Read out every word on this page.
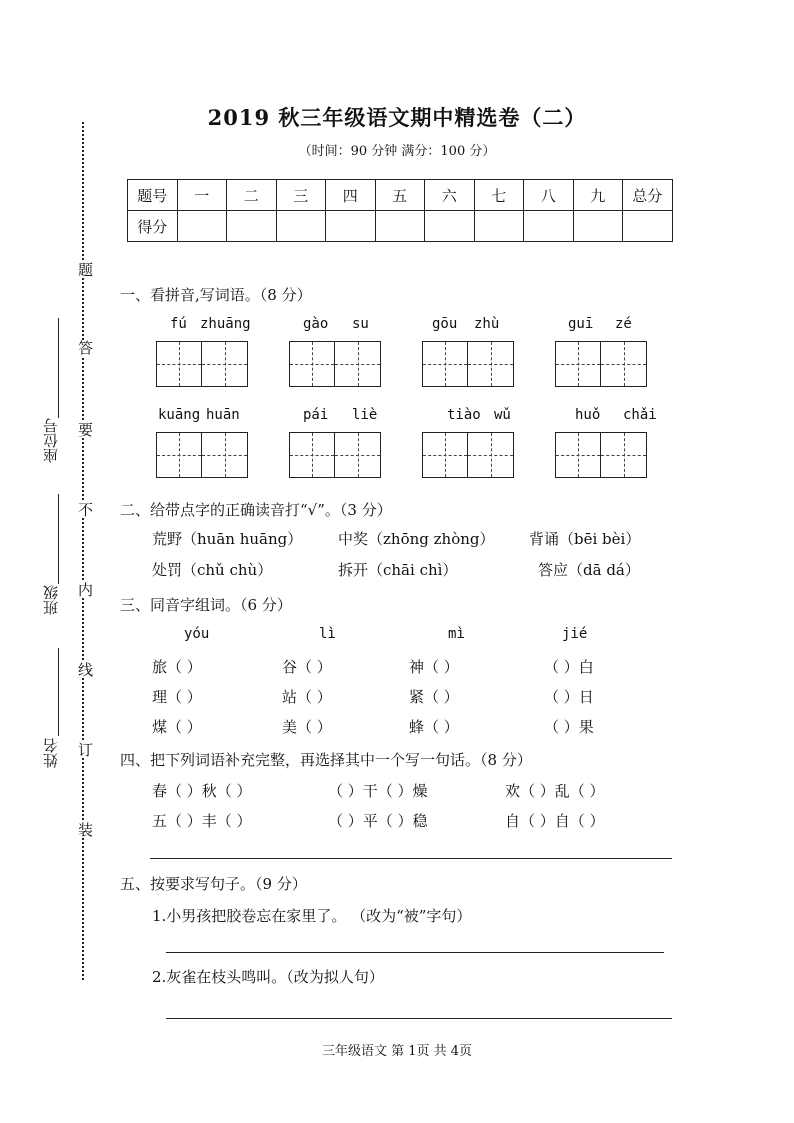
题
答
要
不
内
线
订
装
座位号
班级
姓名
2019 秋三年级语文期中精选卷（二）
（时间：90 分钟 满分：100 分）
题号	一	二	三	四	五	六	七	八	九	总分
得分										
一、看拼音,写词语。（8 分）
fú zhuāng	gào su	gōu zhù	guī zé
kuāng huān	pái liè	tiào wǔ	huǒ chǎi
二、给带点字的正确读音打“√”。（3 分）
荒野（huān huāng） 中奖（zhōng zhòng） 背诵（bēi bèi）
处罚（chǔ chù）	拆开（chāi chì）	答应（dā dá）
三、同音字组词。（6 分）
yóu	lì	mì	jié
旅（ ）	谷（ ）	神（ ）	（ ）白
理（ ）	站（ ）	紧（ ）	（ ）日
煤（ ）	美（ ）	蜂（ ）	（ ）果
四、把下列词语补充完整，再选择其中一个写一句话。（8 分）
春（ ）秋（ ）	（ ）干（ ）燥	欢（ ）乱（ ）
五（ ）丰（ ）	（ ）平（ ）稳	自（ ）自（ ）
五、按要求写句子。（9 分）
1.小男孩把胶卷忘在家里了。 （改为“被”字句）
2.灰雀在枝头鸣叫。（改为拟人句）
三年级语文 第 1页 共 4页
